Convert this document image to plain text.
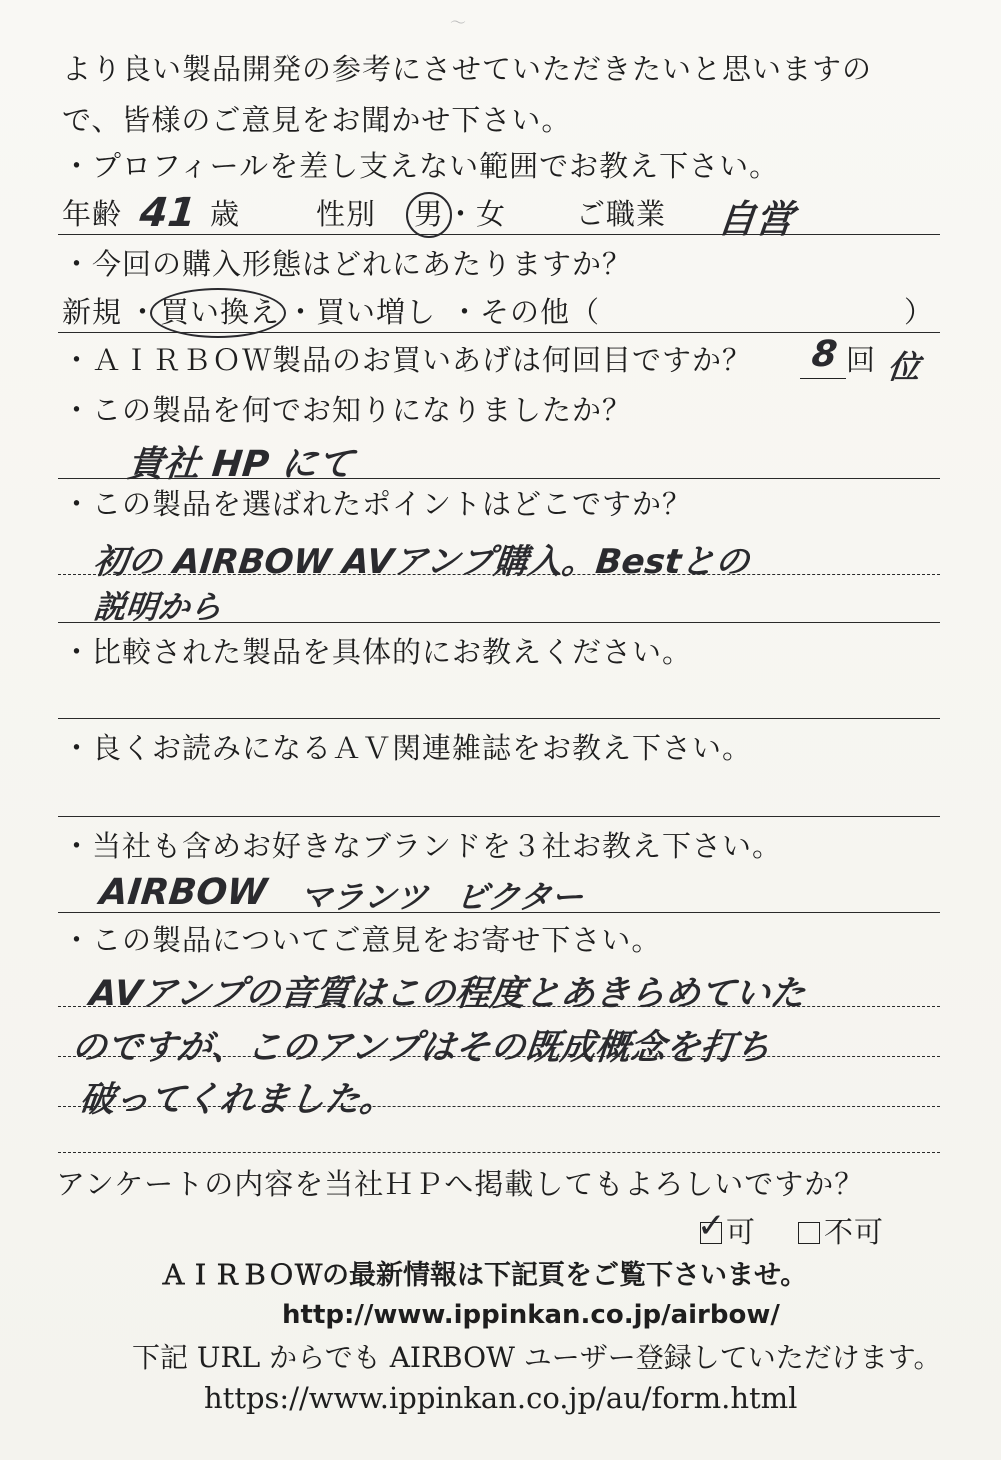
〜
より良い製品開発の参考にさせていただきたいと思いますの
で、皆様のご意見をお聞かせ下さい。
・プロフィールを差し支えない範囲でお教え下さい。
年齢 41 歳	性別 男 ・ 女 ご職業 自営
・今回の購入形態はどれにあたりますか？
新規 ・ 買い換え ・買い増し ・その他（	）
・ＡＩＲＢＯＷ製品のお買いあげは何回目ですか？ 8 回 位
・この製品を何でお知りになりましたか？
貴社 HP にて
・この製品を選ばれたポイントはどこですか？
初の AIRBOW AVアンプ購入。Bestとの
説明から
・比較された製品を具体的にお教えください。
・良くお読みになるＡＶ関連雑誌をお教え下さい。
・当社も含めお好きなブランドを３社お教え下さい。
AIRBOW マランツ ビクター
・この製品についてご意見をお寄せ下さい。
AVアンプの音質はこの程度とあきらめていた
のですが、このアンプはその既成概念を打ち
破ってくれました。
アンケートの内容を当社ＨＰへ掲載してもよろしいですか？
✓ 可	不可
ＡＩＲＢＯＷの最新情報は下記頁をご覧下さいませ。
http://www.ippinkan.co.jp/airbow/
下記 URL からでも AIRBOW ユーザー登録していただけます。
https://www.ippinkan.co.jp/au/form.html
